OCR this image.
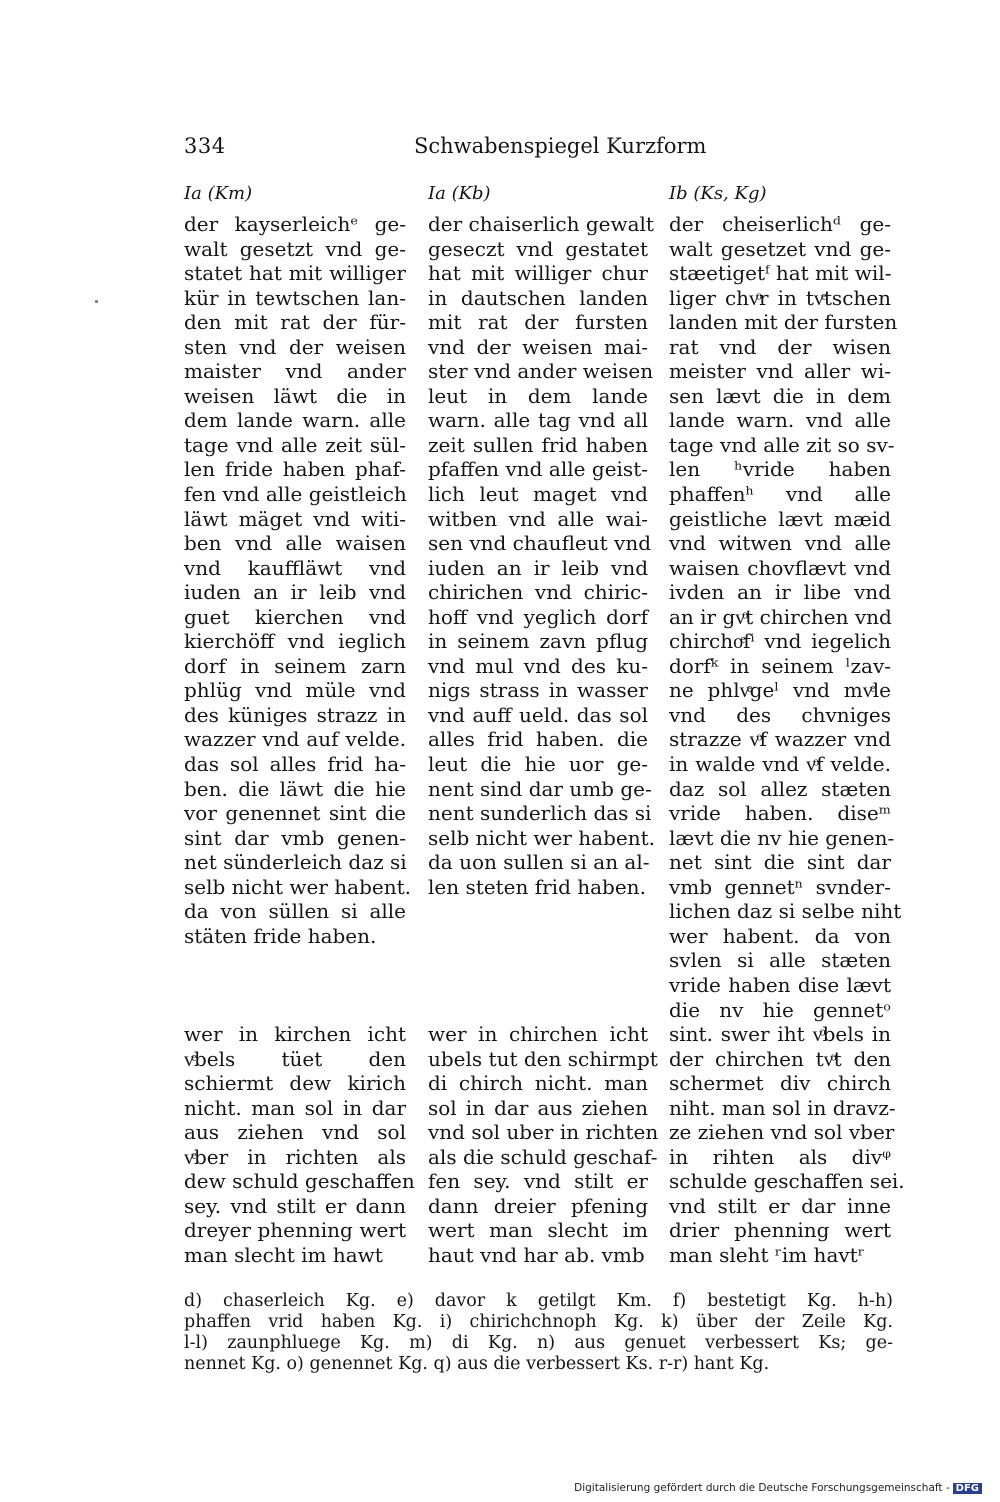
334	Schwabenspiegel Kurzform
Ia (Km)	Ia (Kb)	Ib (Ks, Kg)
der kayserleichᵉ ge-
walt gesetzt vnd ge-
statet hat mit williger
kür in tewtschen lan-
den mit rat der für-
sten vnd der weisen
maister vnd ander
weisen läwt die in
dem lande warn. alle
tage vnd alle zeit sül-
len fride haben phaf-
fen vnd alle geistleich
läwt mäget vnd witi-
ben vnd alle waisen
vnd kauffläwt vnd
iuden an ir leib vnd
guet kierchen vnd
kierchöff vnd ieglich
dorf in seinem zarn
phlüg vnd müle vnd
des küniges strazz in
wazzer vnd auf velde.
das sol alles frid ha-
ben. die läwt die hie
vor genennet sint die
sint dar vmb genen-
net sünderleich daz si
selb nicht wer habent.
da von süllen si alle
stäten fride haben.
der chaiserlich gewalt
geseczt vnd gestatet
hat mit williger chur
in dautschen landen
mit rat der fursten
vnd der weisen mai-
ster vnd ander weisen
leut in dem lande
warn. alle tag vnd all
zeit sullen frid haben
pfaffen vnd alle geist-
lich leut maget vnd
witben vnd alle wai-
sen vnd chaufleut vnd
iuden an ir leib vnd
chirichen vnd chiric-
hoff vnd yeglich dorf
in seinem zavn pflug
vnd mul vnd des ku-
nigs strass in wasser
vnd auff ueld. das sol
alles frid haben. die
leut die hie uor ge-
nent sind dar umb ge-
nent sunderlich das si
selb nicht wer habent.
da uon sullen si an al-
len steten frid haben.
der cheiserlichᵈ ge-
walt gesetzet vnd ge-
stæetigetᶠ hat mit wil-
liger chvͦr in tvͤtschen
landen mit der fursten
rat vnd der wisen
meister vnd aller wi-
sen lævt die in dem
lande warn. vnd alle
tage vnd alle zit so sv-
len ʰvride haben
phaffenʰ vnd alle
geistliche lævt mæid
vnd witwen vnd alle
waisen chovflævt vnd
ivden an ir libe vnd
an ir gvͦt chirchen vnd
chirchoͤfⁱ vnd iegelich
dorfᵏ in seinem ˡzav-
ne phlvͤgeˡ vnd mvͤle
vnd des chvniges
strazze vͦf wazzer vnd
in walde vnd vͦf velde.
daz sol allez stæten
vride haben. diseᵐ
lævt die nv hie genen-
net sint die sint dar
vmb gennetⁿ svnder-
lichen daz si selbe niht
wer habent. da von
svlen si alle stæten
vride haben dise lævt
die nv hie gennetᵒ
sint. swer iht vͦbels in
der chirchen tvͦt den
schermet div chirch
niht. man sol in dravz-
ze ziehen vnd sol vber
in rihten als divᵠ
schulde geschaffen sei.
vnd stilt er dar inne
drier phenning wert
man sleht ʳim havtʳ
wer in kirchen icht
vͤbels tüet den
schiermt dew kirich
nicht. man sol in dar
aus ziehen vnd sol
vͤber in richten als
dew schuld geschaffen
sey. vnd stilt er dann
dreyer phenning wert
man slecht im hawt
wer in chirchen icht
ubels tut den schirmpt
di chirch nicht. man
sol in dar aus ziehen
vnd sol uber in richten
als die schuld geschaf-
fen sey. vnd stilt er
dann dreier pfening
wert man slecht im
haut vnd har ab. vmb
d) chaserleich Kg. e) davor k getilgt Km. f) bestetigt Kg. h-h)
phaffen vrid haben Kg. i) chirichchnoph Kg. k) über der Zeile Kg.
l-l) zaunphluege Kg. m) di Kg. n) aus genuet verbessert Ks; ge-
nennet Kg. o) genennet Kg. q) aus die verbessert Ks. r-r) hant Kg.
Digitalisierung gefördert durch die Deutsche Forschungsgemeinschaft - DFG
